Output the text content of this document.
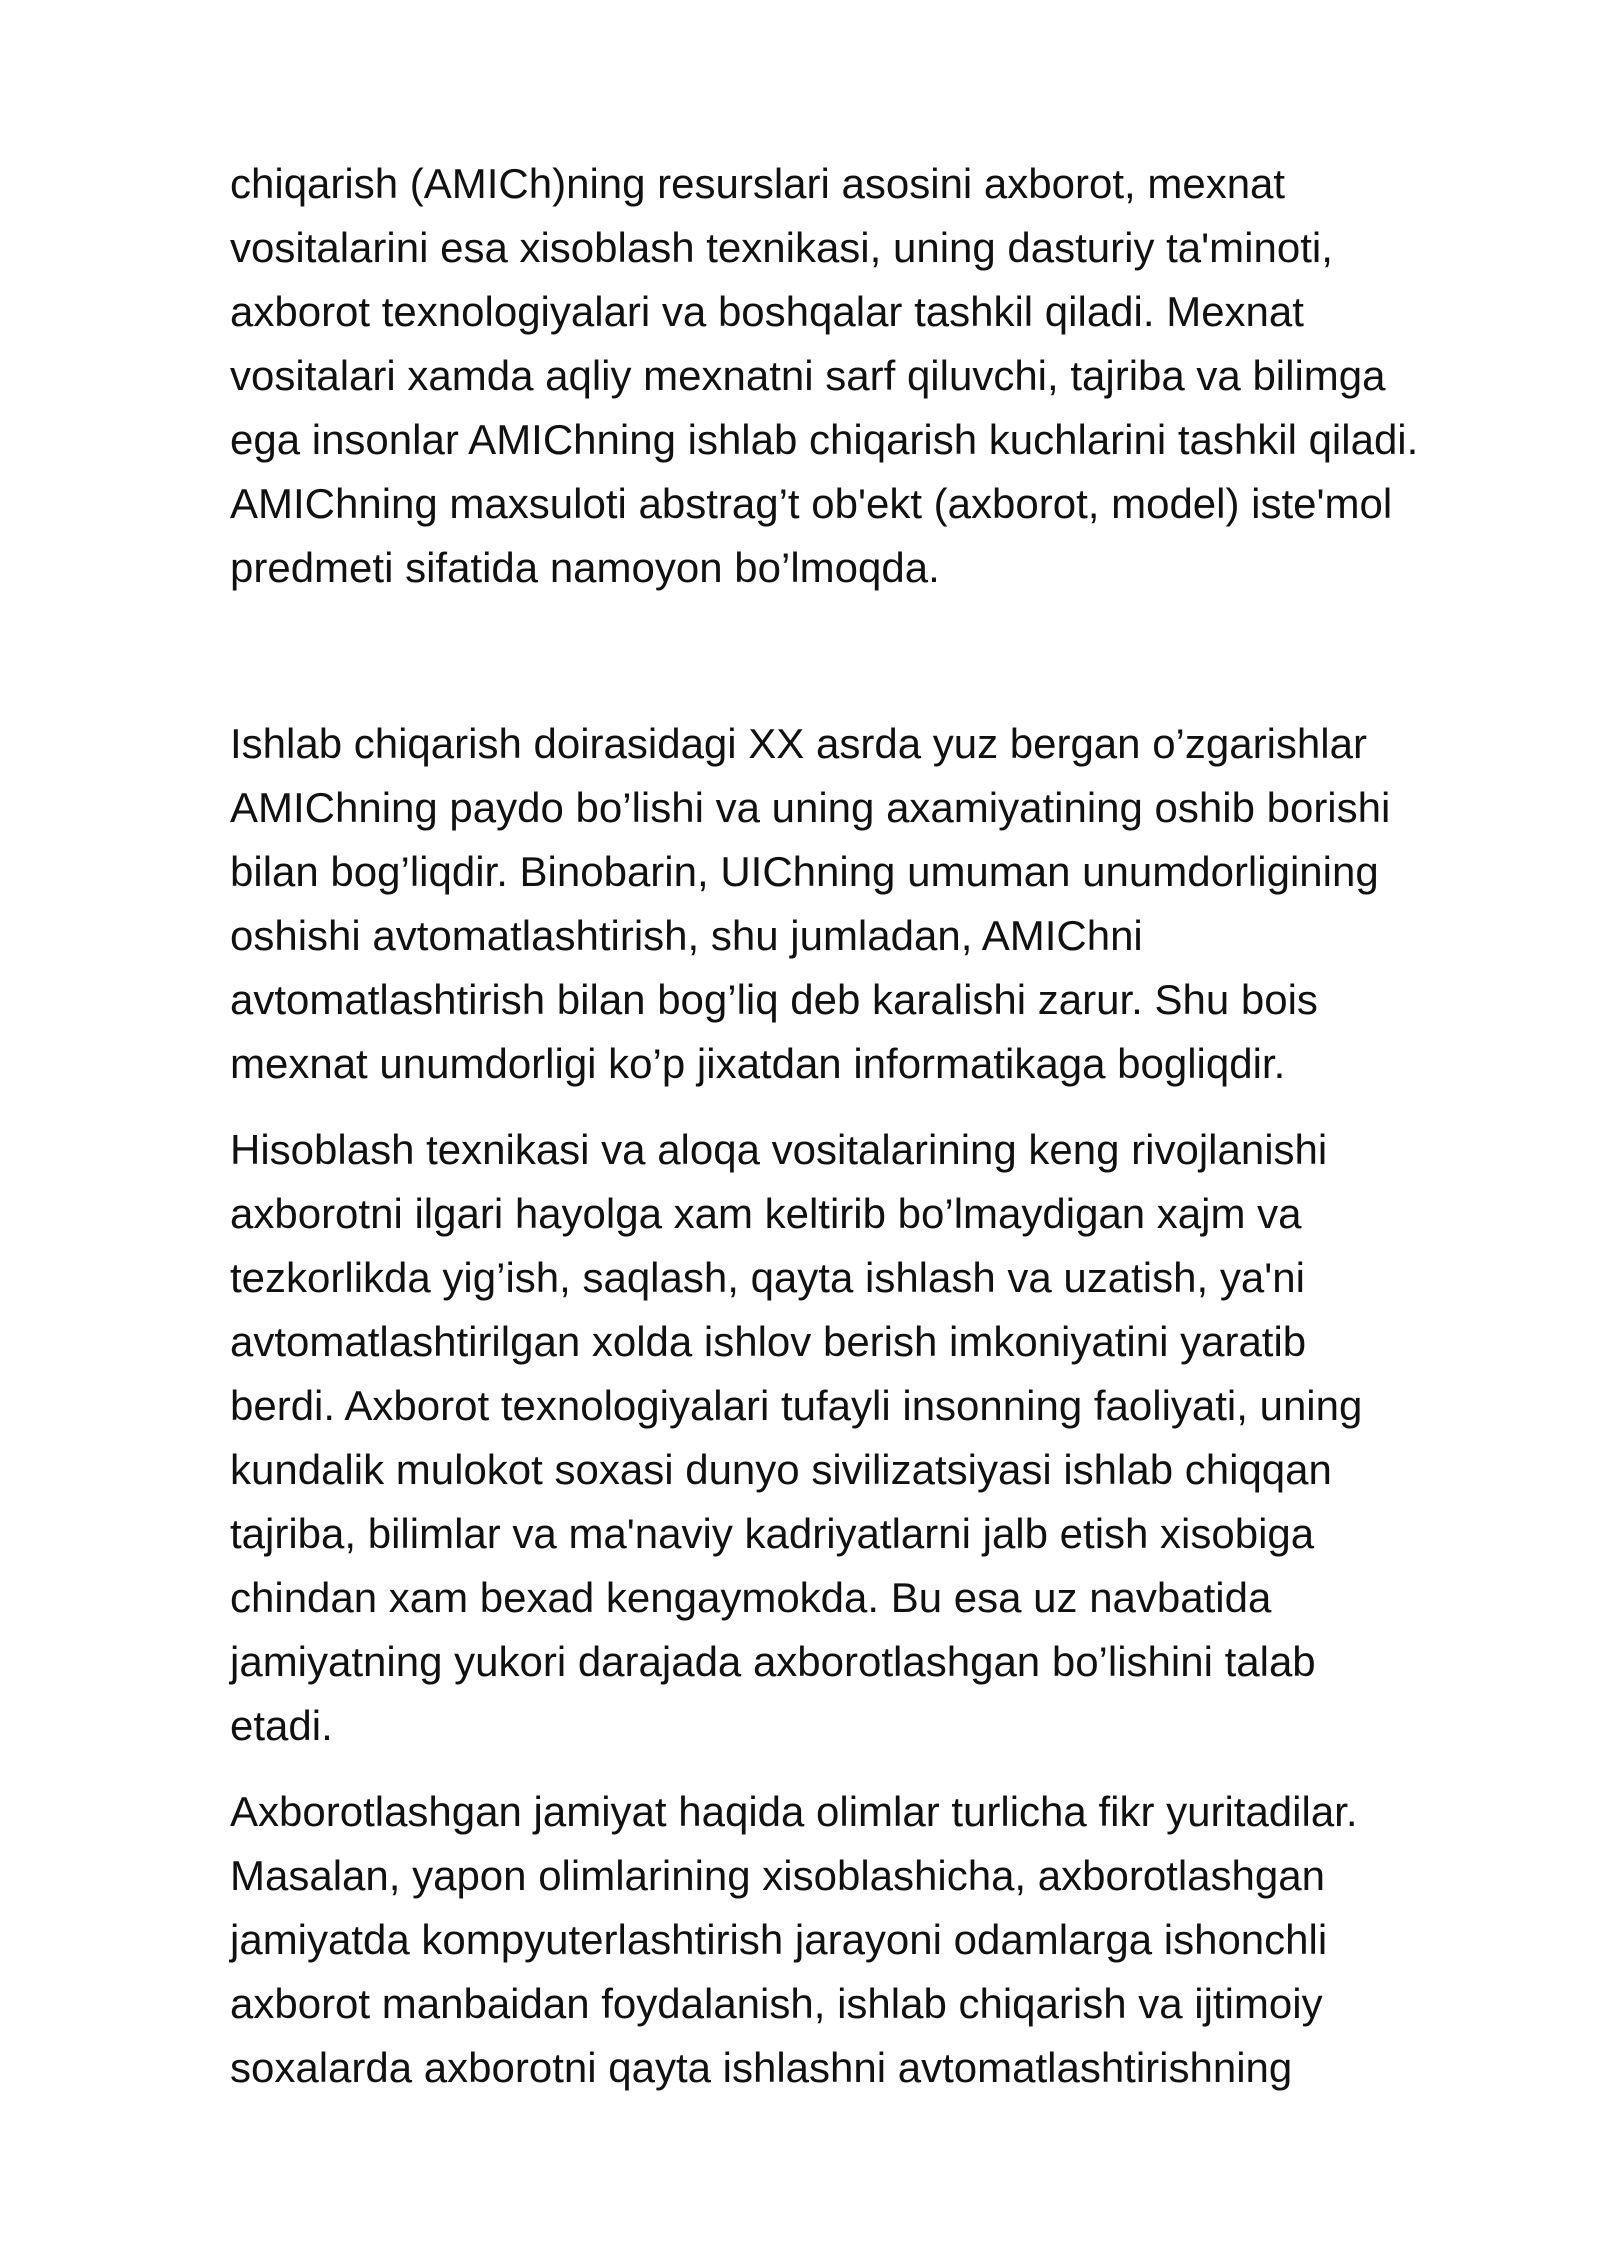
chiqarish (AMICh)ning resurslari asosini axborot, mexnat
vositalarini esa xisoblash texnikasi, uning dasturiy ta'minoti,
axborot texnologiyalari va boshqalar tashkil qiladi. Mexnat
vositalari xamda aqliy mexnatni sarf qiluvchi, tajriba va bilimga
ega insonlar AMIChning ishlab chiqarish kuchlarini tashkil qiladi.
AMIChning maxsuloti abstrag’t ob'ekt (axborot, model) iste'mol
predmeti sifatida namoyon bo’lmoqda.

Ishlab chiqarish doirasidagi XX asrda yuz bergan o’zgarishlar
AMIChning paydo bo’lishi va uning axamiyatining oshib borishi
bilan bog’liqdir. Binobarin, UIChning umuman unumdorligining
oshishi avtomatlashtirish, shu jumladan, AMIChni
avtomatlashtirish bilan bog’liq deb karalishi zarur. Shu bois
mexnat unumdorligi ko’p jixatdan informatikaga bogliqdir.

Hisoblash texnikasi va aloqa vositalarining keng rivojlanishi
axborotni ilgari hayolga xam keltirib bo’lmaydigan xajm va
tezkorlikda yig’ish, saqlash, qayta ishlash va uzatish, ya'ni
avtomatlashtirilgan xolda ishlov berish imkoniyatini yaratib
berdi. Axborot texnologiyalari tufayli insonning faoliyati, uning
kundalik mulokot soxasi dunyo sivilizatsiyasi ishlab chiqqan
tajriba, bilimlar va ma'naviy kadriyatlarni jalb etish xisobiga
chindan xam bexad kengaymokda. Bu esa uz navbatida
jamiyatning yukori darajada axborotlashgan bo’lishini talab
etadi.

Axborotlashgan jamiyat haqida olimlar turlicha fikr yuritadilar.
Masalan, yapon olimlarining xisoblashicha, axborotlashgan
jamiyatda kompyuterlashtirish jarayoni odamlarga ishonchli
axborot manbaidan foydalanish, ishlab chiqarish va ijtimoiy
soxalarda axborotni qayta ishlashni avtomatlashtirishning
